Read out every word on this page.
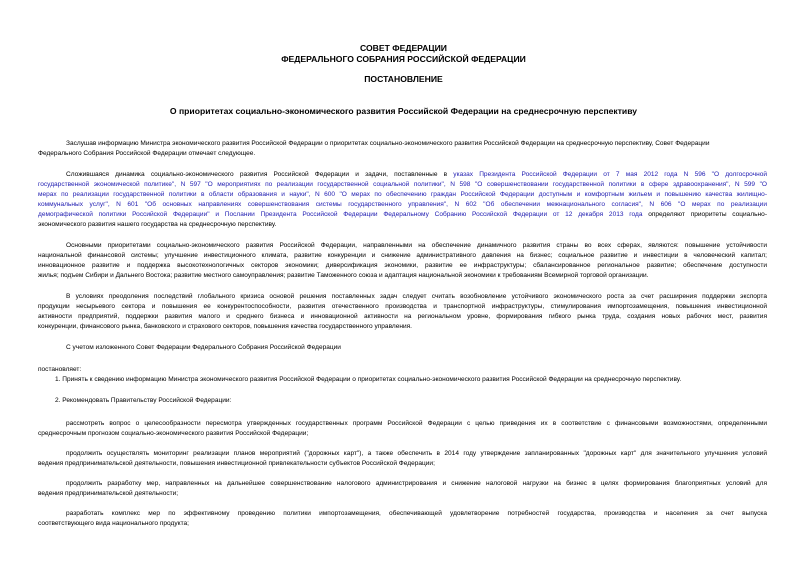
СОВЕТ ФЕДЕРАЦИИ
ФЕДЕРАЛЬНОГО СОБРАНИЯ РОССИЙСКОЙ ФЕДЕРАЦИИ
ПОСТАНОВЛЕНИЕ
О приоритетах социально-экономического развития Российской Федерации на среднесрочную перспективу
Заслушав информацию Министра экономического развития Российской Федерации о приоритетах социально-экономического развития Российской Федерации на среднесрочную перспективу, Совет Федерации
Федерального Собрания Российской Федерации отмечает следующее.
Сложившаяся динамика социально-экономического развития Российской Федерации и задачи, поставленные в указах Президента Российской Федерации от 7 мая 2012 года N 596 "О долгосрочной
государственной экономической политике", N 597 "О мероприятиях по реализации государственной социальной политики", N 598 "О совершенствовании государственной политики в сфере здравоохранения", N 599 "О
мерах по реализации государственной политики в области образования и науки", N 600 "О мерах по обеспечению граждан Российской Федерации доступным и комфортным жильем и повышению качества жилищно-
коммунальных услуг", N 601 "Об основных направлениях совершенствования системы государственного управления", N 602 "Об обеспечении межнационального согласия", N 606 "О мерах по реализации
демографической политики Российской Федерации" и Послании Президента Российской Федерации Федеральному Собранию Российской Федерации от 12 декабря 2013 года определяют приоритеты социально-
экономического развития нашего государства на среднесрочную перспективу.
Основными приоритетами социально-экономического развития Российской Федерации, направленными на обеспечение динамичного развития страны во всех сферах, являются: повышение устойчивости
национальной финансовой системы; улучшение инвестиционного климата, развитие конкуренции и снижение административного давления на бизнес; социальное развитие и инвестиции в человеческий капитал;
инновационное развитие и поддержка высокотехнологичных секторов экономики; диверсификация экономики, развитие ее инфраструктуры; сбалансированное региональное развитие; обеспечение доступности
жилья; подъем Сибири и Дальнего Востока; развитие местного самоуправления; развитие Таможенного союза и адаптация национальной экономики к требованиям Всемирной торговой организации.
В условиях преодоления последствий глобального кризиса основой решения поставленных задач следует считать возобновление устойчивого экономического роста за счет расширения поддержки экспорта
продукции несырьевого сектора и повышения ее конкурентоспособности, развития отечественного производства и транспортной инфраструктуры, стимулирования импортозамещения, повышения инвестиционной
активности предприятий, поддержки развития малого и среднего бизнеса и инновационной активности на региональном уровне, формирования гибкого рынка труда, создания новых рабочих мест, развития
конкуренции, финансового рынка, банковского и страхового секторов, повышения качества государственного управления.
С учетом изложенного Совет Федерации Федерального Собрания Российской Федерации
постановляет:
1. Принять к сведению информацию Министра экономического развития Российской Федерации о приоритетах социально-экономического развития Российской Федерации на среднесрочную перспективу.
2. Рекомендовать Правительству Российской Федерации:
рассмотреть вопрос о целесообразности пересмотра утвержденных государственных программ Российской Федерации с целью приведения их в соответствие с финансовыми возможностями, определенными
среднесрочным прогнозом социально-экономического развития Российской Федерации;
продолжить осуществлять мониторинг реализации планов мероприятий ("дорожных карт"), а также обеспечить в 2014 году утверждение запланированных "дорожных карт" для значительного улучшения условий
ведения предпринимательской деятельности, повышения инвестиционной привлекательности субъектов Российской Федерации;
продолжить разработку мер, направленных на дальнейшее совершенствование налогового администрирования и снижение налоговой нагрузки на бизнес в целях формирования благоприятных условий для
ведения предпринимательской деятельности;
разработать комплекс мер по эффективному проведению политики импортозамещения, обеспечивающей удовлетворение потребностей государства, производства и населения за счет выпуска
соответствующего вида национального продукта;
